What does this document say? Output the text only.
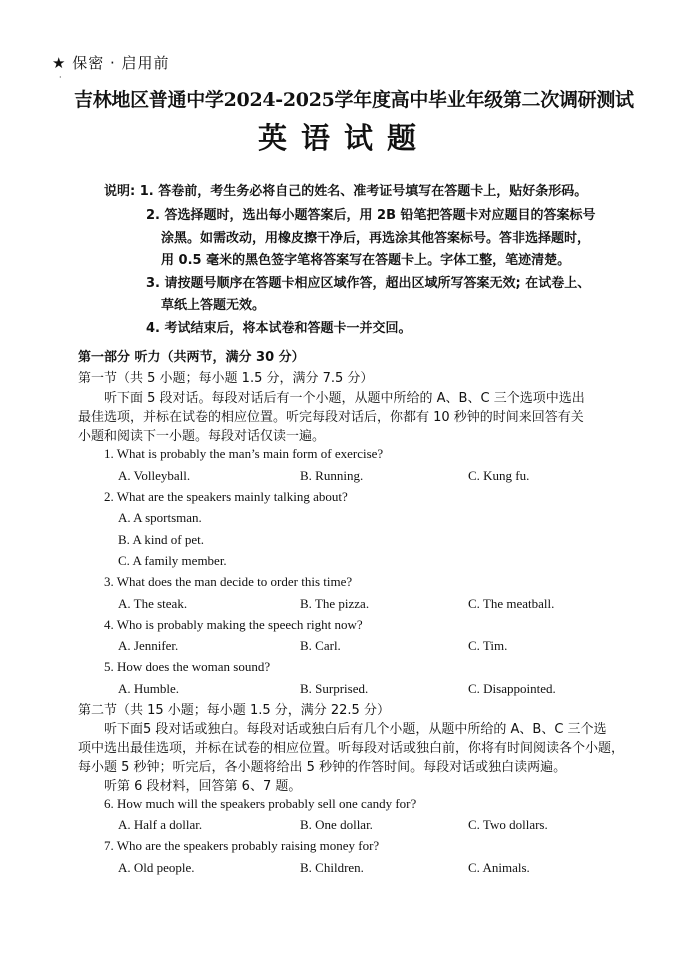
★ 保密 · 启用前
·
吉林地区普通中学2024-2025学年度高中毕业年级第二次调研测试
英语试题
说明: 1. 答卷前，考生务必将自己的姓名、准考证号填写在答题卡上，贴好条形码。
2. 答选择题时，选出每小题答案后，用 2B 铅笔把答题卡对应题目的答案标号
涂黑。如需改动，用橡皮擦干净后，再选涂其他答案标号。答非选择题时，
用 0.5 毫米的黑色签字笔将答案写在答题卡上。字体工整，笔迹清楚。
3. 请按题号顺序在答题卡相应区域作答，超出区域所写答案无效; 在试卷上、
草纸上答题无效。
4. 考试结束后，将本试卷和答题卡一并交回。
第一部分 听力（共两节，满分 30 分）
第一节（共 5 小题；每小题 1.5 分，满分 7.5 分）
听下面 5 段对话。每段对话后有一个小题，从题中所给的 A、B、C 三个选项中选出
最佳选项，并标在试卷的相应位置。听完每段对话后，你都有 10 秒钟的时间来回答有关
小题和阅读下一小题。每段对话仅读一遍。
1. What is probably the man’s main form of exercise?
A. Volleyball.	B. Running.	C. Kung fu.
2. What are the speakers mainly talking about?
A. A sportsman.
B. A kind of pet.
C. A family member.
3. What does the man decide to order this time?
A. The steak.	B. The pizza.	C. The meatball.
4. Who is probably making the speech right now?
A. Jennifer.	B. Carl.	C. Tim.
5. How does the woman sound?
A. Humble.	B. Surprised.	C. Disappointed.
第二节（共 15 小题；每小题 1.5 分，满分 22.5 分）
听下面5 段对话或独白。每段对话或独白后有几个小题，从题中所给的 A、B、C 三个选
项中选出最佳选项，并标在试卷的相应位置。听每段对话或独白前，你将有时间阅读各个小题，
每小题 5 秒钟；听完后，各小题将给出 5 秒钟的作答时间。每段对话或独白读两遍。
听第 6 段材料，回答第 6、7 题。
6. How much will the speakers probably sell one candy for?
A. Half a dollar.	B. One dollar.	C. Two dollars.
7. Who are the speakers probably raising money for?
A. Old people.	B. Children.	C. Animals.
